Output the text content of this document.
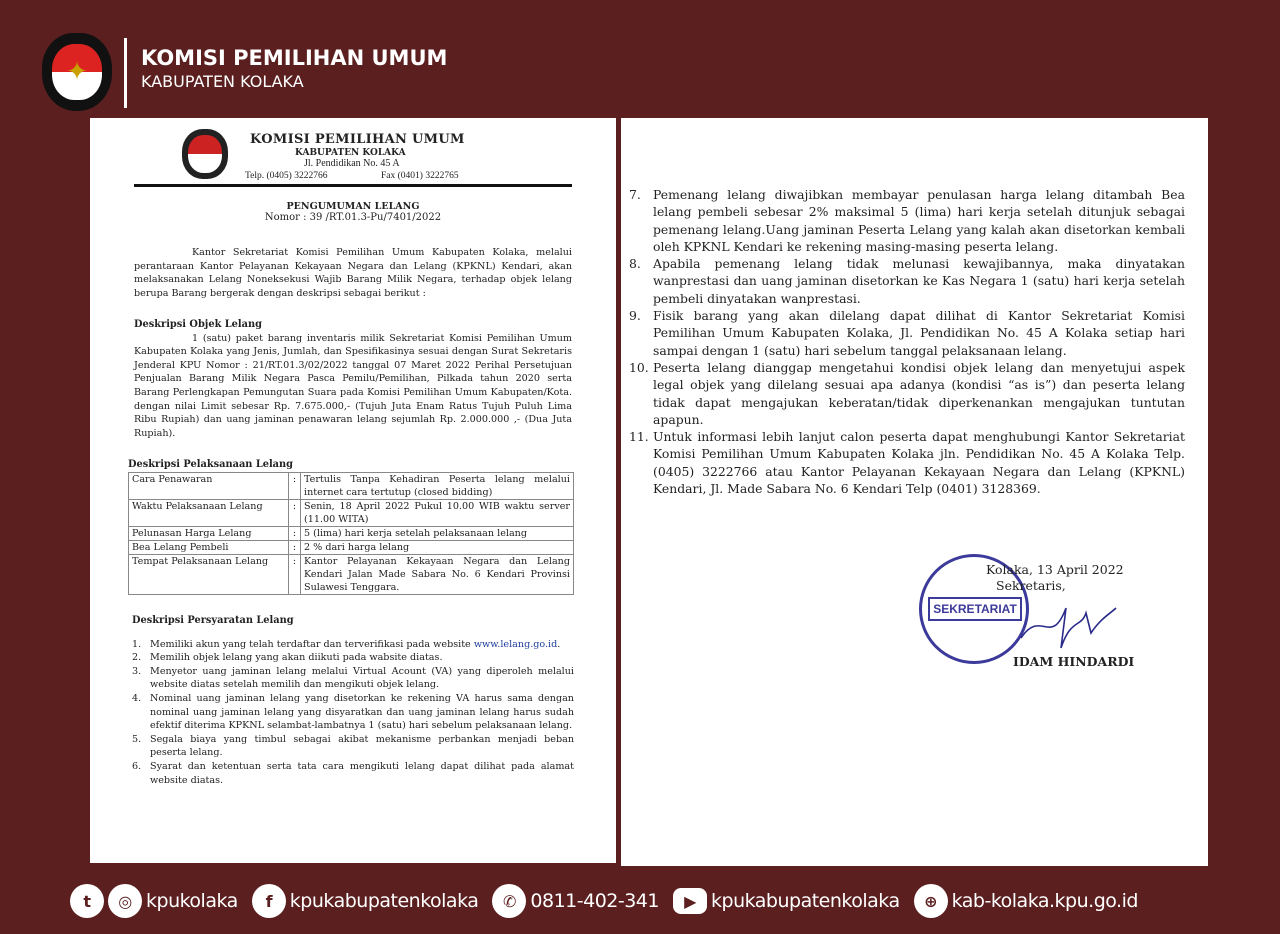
✦	KOMISI PEMILIHAN UMUM
KABUPATEN KOLAKA
KOMISI PEMILIHAN UMUM
KABUPATEN KOLAKA
Jl. Pendidikan No. 45 A
Telp. (0405) 3222766	Fax (0401) 3222765
PENGUMUMAN LELANG
Nomor : 39 /RT.01.3-Pu/7401/2022
Kantor Sekretariat Komisi Pemilihan Umum Kabupaten Kolaka, melalui perantaraan Kantor Pelayanan Kekayaan Negara dan Lelang (KPKNL) Kendari, akan melaksanakan Lelang Noneksekusi Wajib Barang Milik Negara, terhadap objek lelang berupa Barang bergerak dengan deskripsi sebagai berikut :
Deskripsi Objek Lelang
1 (satu) paket barang inventaris milik Sekretariat Komisi Pemilihan Umum Kabupaten Kolaka yang Jenis, Jumlah, dan Spesifikasinya sesuai dengan Surat Sekretaris Jenderal KPU Nomor : 21/RT.01.3/02/2022 tanggal 07 Maret 2022 Perihal Persetujuan Penjualan Barang Milik Negara Pasca Pemilu/Pemilihan, Pilkada tahun 2020 serta Barang Perlengkapan Pemungutan Suara pada Komisi Pemilihan Umum Kabupaten/Kota. dengan nilai Limit sebesar Rp. 7.675.000,- (Tujuh Juta Enam Ratus Tujuh Puluh Lima Ribu Rupiah) dan uang jaminan penawaran lelang sejumlah Rp. 2.000.000 ,- (Dua Juta Rupiah).
Deskripsi Pelaksanaan Lelang
Cara Penawaran	:	Tertulis Tanpa Kehadiran Peserta lelang melalui internet cara tertutup (closed bidding)
Waktu Pelaksanaan Lelang	:	Senin, 18 April 2022 Pukul 10.00 WIB waktu server (11.00 WITA)
Pelunasan Harga Lelang	:	5 (lima) hari kerja setelah pelaksanaan lelang
Bea Lelang Pembeli	:	2 % dari harga lelang
Tempat Pelaksanaan Lelang	:	Kantor Pelayanan Kekayaan Negara dan Lelang Kendari Jalan Made Sabara No. 6 Kendari Provinsi Sulawesi Tenggara.
Deskripsi Persyaratan Lelang
1. Memiliki akun yang telah terdaftar dan terverifikasi pada website www.lelang.go.id.
2. Memilih objek lelang yang akan diikuti pada wabsite diatas.
3. Menyetor uang jaminan lelang melalui Virtual Acount (VA) yang diperoleh melalui website diatas setelah memilih dan mengikuti objek lelang.
4. Nominal uang jaminan lelang yang disetorkan ke rekening VA harus sama dengan nominal uang jaminan lelang yang disyaratkan dan uang jaminan lelang harus sudah efektif diterima KPKNL selambat-lambatnya 1 (satu) hari sebelum pelaksanaan lelang.
5. Segala biaya yang timbul sebagai akibat mekanisme perbankan menjadi beban peserta lelang.
6. Syarat dan ketentuan serta tata cara mengikuti lelang dapat dilihat pada alamat website diatas.
7. Pemenang lelang diwajibkan membayar penulasan harga lelang ditambah Bea lelang pembeli sebesar 2% maksimal 5 (lima) hari kerja setelah ditunjuk sebagai pemenang lelang.Uang jaminan Peserta Lelang yang kalah akan disetorkan kembali oleh KPKNL Kendari ke rekening masing-masing peserta lelang.
8. Apabila pemenang lelang tidak melunasi kewajibannya, maka dinyatakan wanprestasi dan uang jaminan disetorkan ke Kas Negara 1 (satu) hari kerja setelah pembeli dinyatakan wanprestasi.
9. Fisik barang yang akan dilelang dapat dilihat di Kantor Sekretariat Komisi Pemilihan Umum Kabupaten Kolaka, Jl. Pendidikan No. 45 A Kolaka setiap hari sampai dengan 1 (satu) hari sebelum tanggal pelaksanaan lelang.
10. Peserta lelang dianggap mengetahui kondisi objek lelang dan menyetujui aspek legal objek yang dilelang sesuai apa adanya (kondisi “as is”) dan peserta lelang tidak dapat mengajukan keberatan/tidak diperkenankan mengajukan tuntutan apapun.
11. Untuk informasi lebih lanjut calon peserta dapat menghubungi Kantor Sekretariat Komisi Pemilihan Umum Kabupaten Kolaka jln. Pendidikan No. 45 A Kolaka Telp. (0405) 3222766 atau Kantor Pelayanan Kekayaan Negara dan Lelang (KPKNL) Kendari, Jl. Made Sabara No. 6 Kendari Telp (0401) 3128369.
SEKRETARIAT
Kolaka, 13 April 2022
Sekretaris,
IDAM HINDARDI
t	◎ kpukolaka	f kpukabupatenkolaka	✆ 0811-402-341	▶ kpukabupatenkolaka	⊕ kab-kolaka.kpu.go.id
